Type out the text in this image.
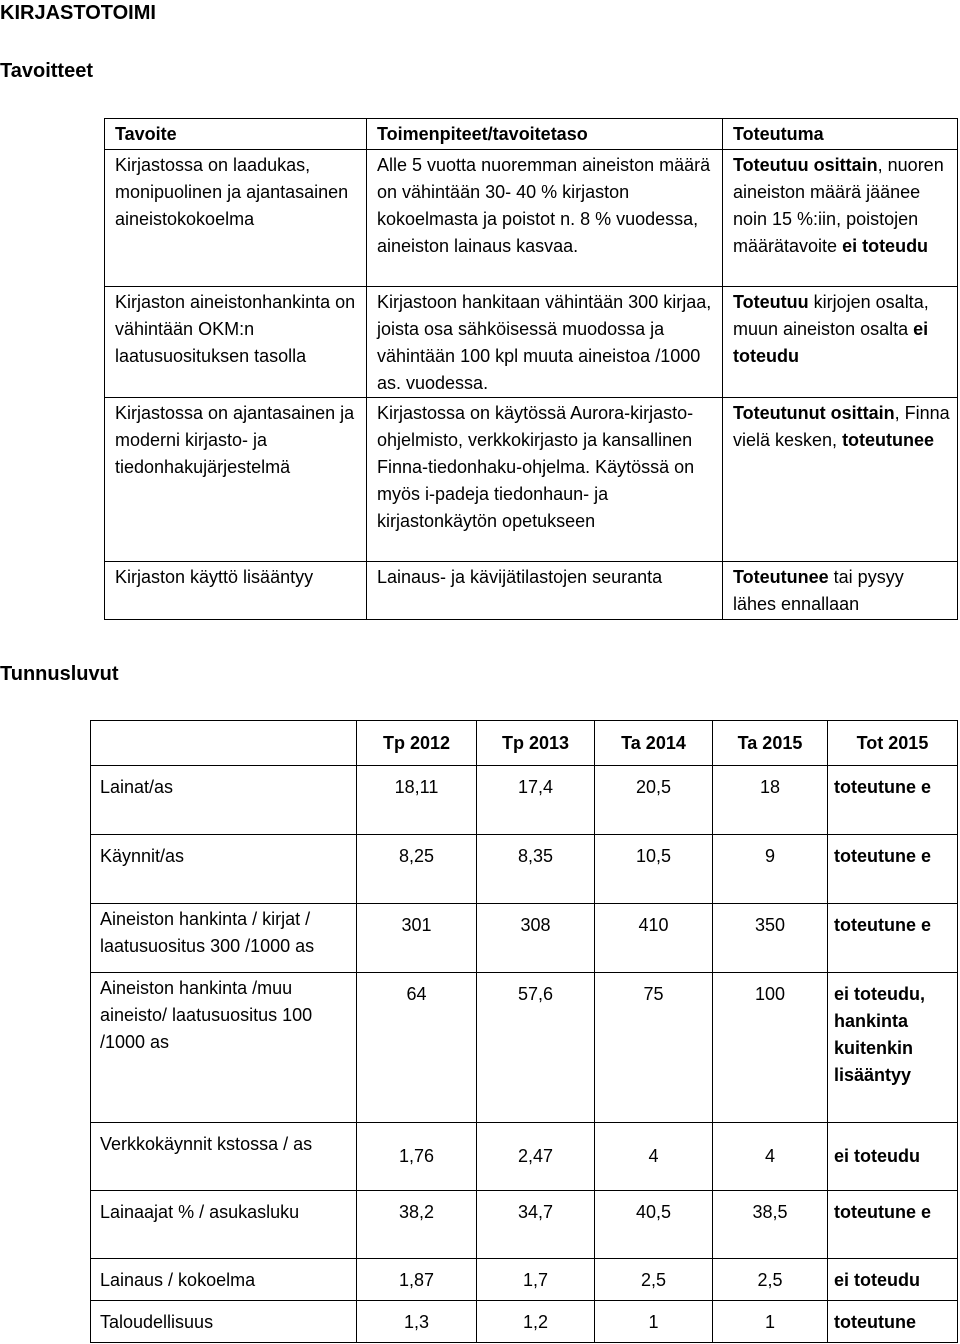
KIRJASTOTOIMI
Tavoitteet
Tunnusluvut
Tavoite	Toimenpiteet/tavoitetaso	Toteutuma
Kirjastossa on laadukas, monipuolinen ja ajantasainen aineistokokoelma	Alle 5 vuotta nuoremman aineiston määrä on vähintään 30- 40 % kirjaston kokoelmasta ja poistot n. 8 % vuodessa, aineiston lainaus kasvaa.	Toteutuu osittain, nuoren aineiston määrä jäänee noin 15 %:iin, poistojen määrätavoite ei toteudu
Kirjaston aineistonhankinta on vähintään OKM:n laatusuosituksen tasolla	Kirjastoon hankitaan vähintään 300 kirjaa, joista osa sähköisessä muodossa ja vähintään 100 kpl muuta aineistoa /1000 as. vuodessa.	Toteutuu kirjojen osalta, muun aineiston osalta ei toteudu
Kirjastossa on ajantasainen ja moderni kirjasto- ja tiedonhakujärjestelmä	Kirjastossa on käytössä Aurora-kirjasto-ohjelmisto, verkkokirjasto ja kansallinen Finna-tiedonhaku-ohjelma. Käytössä on myös i-padeja tiedonhaun- ja kirjastonkäytön opetukseen	Toteutunut osittain, Finna vielä kesken, toteutunee
Kirjaston käyttö lisääntyy	Lainaus- ja kävijätilastojen seuranta	Toteutunee tai pysyy lähes ennallaan
	Tp 2012	Tp 2013	Ta 2014	Ta 2015	Tot 2015
Lainat/as	18,11	17,4	20,5	18	toteutune e
Käynnit/as	8,25	8,35	10,5	9	toteutune e
Aineiston hankinta / kirjat / laatusuositus 300 /1000 as	301	308	410	350	toteutune e
Aineiston hankinta /muu aineisto/ laatusuositus 100 /1000 as	64	57,6	75	100	ei toteudu, hankinta kuitenkin lisääntyy
Verkkokäynnit kstossa / as	1,76	2,47	4	4	ei toteudu
Lainaajat % / asukasluku	38,2	34,7	40,5	38,5	toteutune e
Lainaus / kokoelma	1,87	1,7	2,5	2,5	ei toteudu
Taloudellisuus	1,3	1,2	1	1	toteutune
